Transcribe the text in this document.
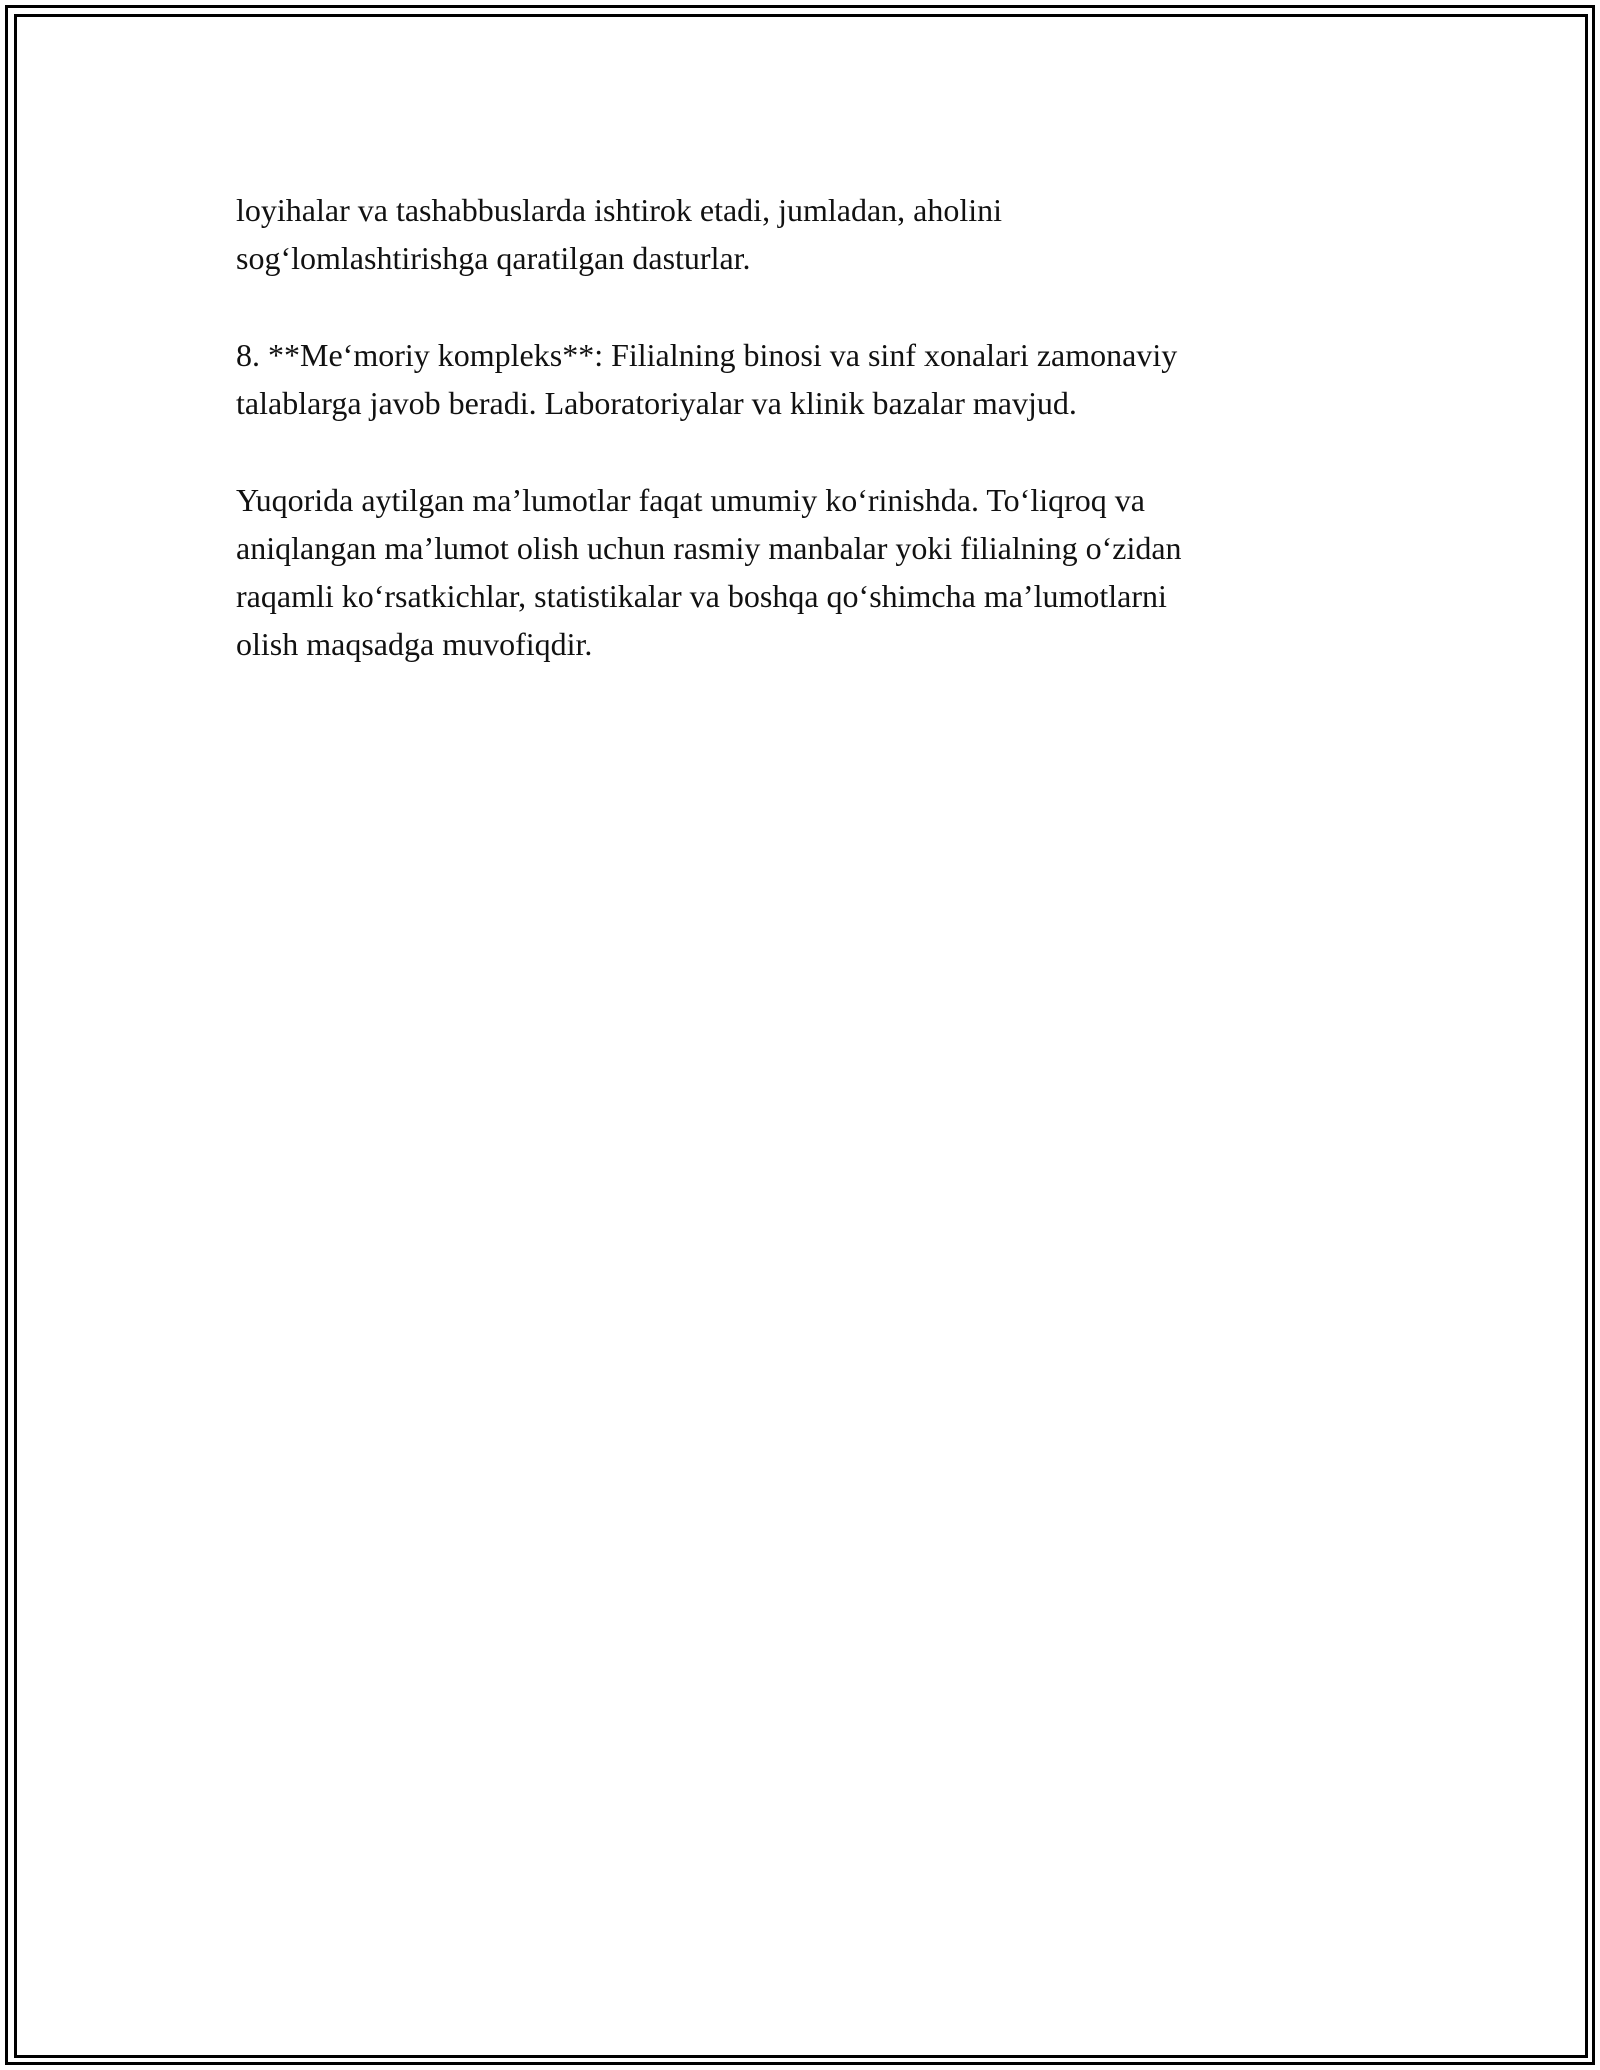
loyihalar va tashabbuslarda ishtirok etadi, jumladan, aholini
sog‘lomlashtirishga qaratilgan dasturlar.

8. **Me‘moriy kompleks**: Filialning binosi va sinf xonalari zamonaviy
talablarga javob beradi. Laboratoriyalar va klinik bazalar mavjud.

Yuqorida aytilgan ma’lumotlar faqat umumiy ko‘rinishda. To‘liqroq va
aniqlangan ma’lumot olish uchun rasmiy manbalar yoki filialning o‘zidan
raqamli ko‘rsatkichlar, statistikalar va boshqa qo‘shimcha ma’lumotlarni
olish maqsadga muvofiqdir.
